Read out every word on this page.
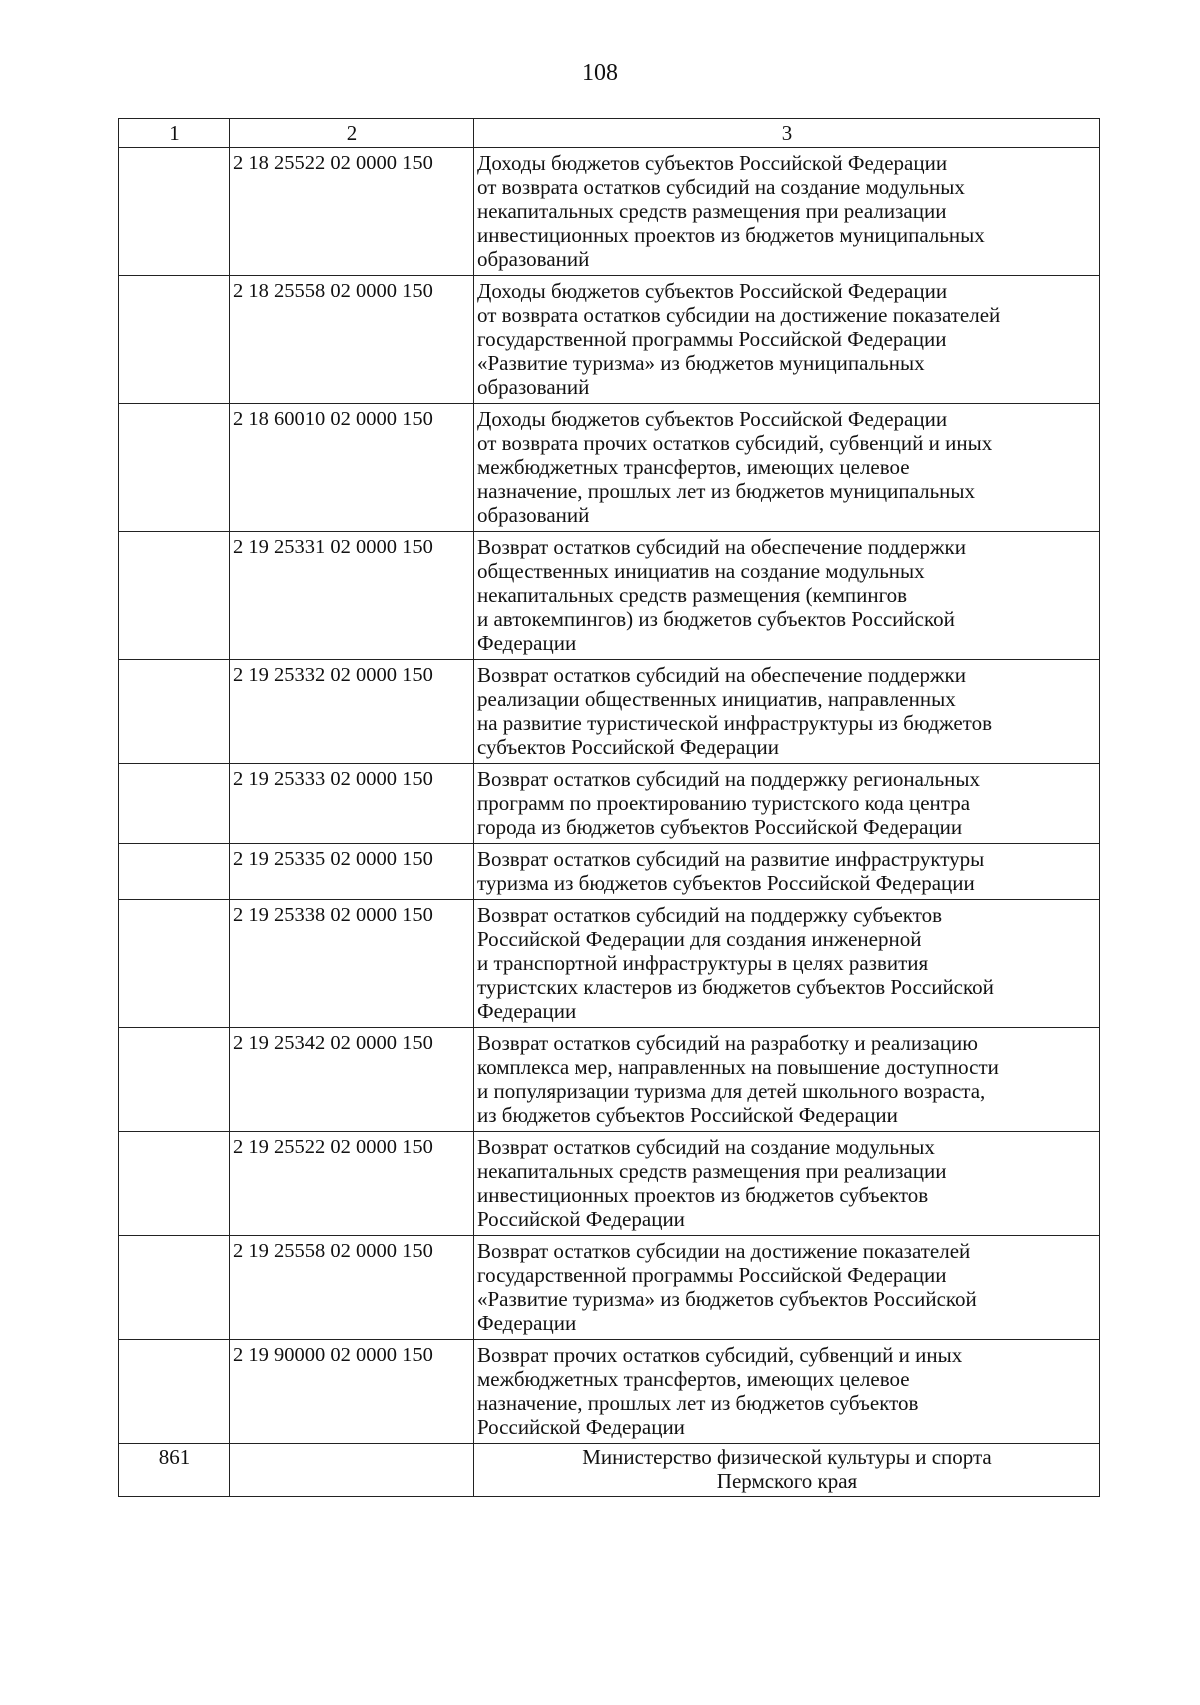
108
1	2	3
	2 18 25522 02 0000 150	Доходы бюджетов субъектов Российской Федерации
от возврата остатков субсидий на создание модульных
некапитальных средств размещения при реализации
инвестиционных проектов из бюджетов муниципальных
образований
	2 18 25558 02 0000 150	Доходы бюджетов субъектов Российской Федерации
от возврата остатков субсидии на достижение показателей
государственной программы Российской Федерации
«Развитие туризма» из бюджетов муниципальных
образований
	2 18 60010 02 0000 150	Доходы бюджетов субъектов Российской Федерации
от возврата прочих остатков субсидий, субвенций и иных
межбюджетных трансфертов, имеющих целевое
назначение, прошлых лет из бюджетов муниципальных
образований
	2 19 25331 02 0000 150	Возврат остатков субсидий на обеспечение поддержки
общественных инициатив на создание модульных
некапитальных средств размещения (кемпингов
и автокемпингов) из бюджетов субъектов Российской
Федерации
	2 19 25332 02 0000 150	Возврат остатков субсидий на обеспечение поддержки
реализации общественных инициатив, направленных
на развитие туристической инфраструктуры из бюджетов
субъектов Российской Федерации
	2 19 25333 02 0000 150	Возврат остатков субсидий на поддержку региональных
программ по проектированию туристского кода центра
города из бюджетов субъектов Российской Федерации
	2 19 25335 02 0000 150	Возврат остатков субсидий на развитие инфраструктуры
туризма из бюджетов субъектов Российской Федерации
	2 19 25338 02 0000 150	Возврат остатков субсидий на поддержку субъектов
Российской Федерации для создания инженерной
и транспортной инфраструктуры в целях развития
туристских кластеров из бюджетов субъектов Российской
Федерации
	2 19 25342 02 0000 150	Возврат остатков субсидий на разработку и реализацию
комплекса мер, направленных на повышение доступности
и популяризации туризма для детей школьного возраста,
из бюджетов субъектов Российской Федерации
	2 19 25522 02 0000 150	Возврат остатков субсидий на создание модульных
некапитальных средств размещения при реализации
инвестиционных проектов из бюджетов субъектов
Российской Федерации
	2 19 25558 02 0000 150	Возврат остатков субсидии на достижение показателей
государственной программы Российской Федерации
«Развитие туризма» из бюджетов субъектов Российской
Федерации
	2 19 90000 02 0000 150	Возврат прочих остатков субсидий, субвенций и иных
межбюджетных трансфертов, имеющих целевое
назначение, прошлых лет из бюджетов субъектов
Российской Федерации
861		Министерство физической культуры и спорта
Пермского края
